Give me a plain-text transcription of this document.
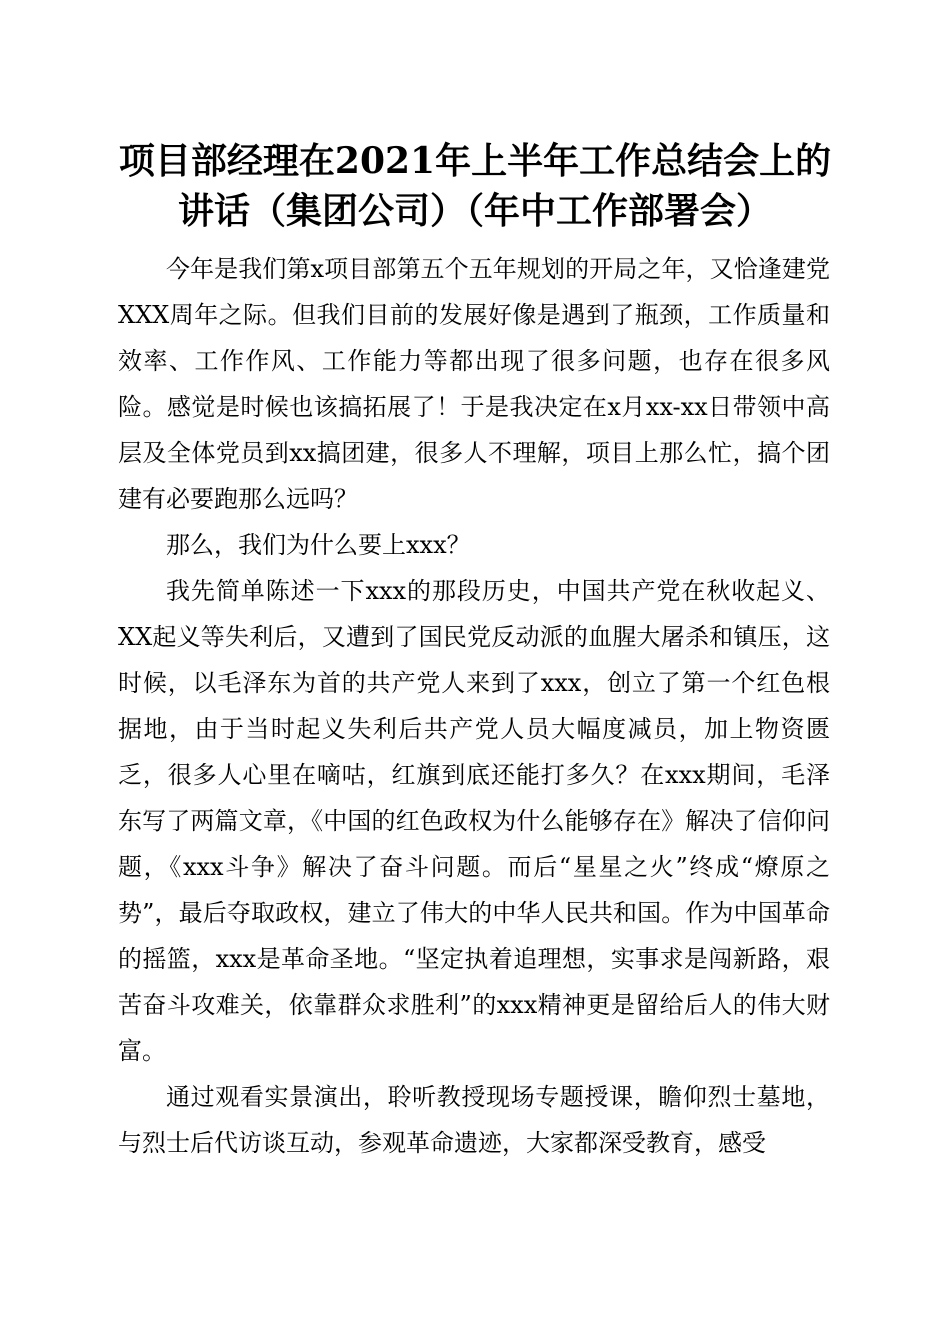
项目部经理在2021年上半年工作总结会上的
讲话（集团公司）（年中工作部署会）

今年是我们第x项目部第五个五年规划的开局之年，又恰逢建党XXX周年之际。但我们目前的发展好像是遇到了瓶颈，工作质量和效率、工作作风、工作能力等都出现了很多问题，也存在很多风险。感觉是时候也该搞拓展了！于是我决定在x月xx-xx日带领中高层及全体党员到xx搞团建，很多人不理解，项目上那么忙，搞个团建有必要跑那么远吗？

那么，我们为什么要上xxx？

我先简单陈述一下xxx的那段历史，中国共产党在秋收起义、XX起义等失利后，又遭到了国民党反动派的血腥大屠杀和镇压，这时候，以毛泽东为首的共产党人来到了xxx，创立了第一个红色根据地，由于当时起义失利后共产党人员大幅度减员，加上物资匮乏，很多人心里在嘀咕，红旗到底还能打多久？在xxx期间，毛泽东写了两篇文章，《中国的红色政权为什么能够存在》解决了信仰问题，《xxx斗争》解决了奋斗问题。而后“星星之火”终成“燎原之势”，最后夺取政权，建立了伟大的中华人民共和国。作为中国革命的摇篮，xxx是革命圣地。“坚定执着追理想，实事求是闯新路，艰苦奋斗攻难关，依靠群众求胜利”的xxx精神更是留给后人的伟大财富。

通过观看实景演出，聆听教授现场专题授课，瞻仰烈士墓地，与烈士后代访谈互动，参观革命遗迹，大家都深受教育，感受
